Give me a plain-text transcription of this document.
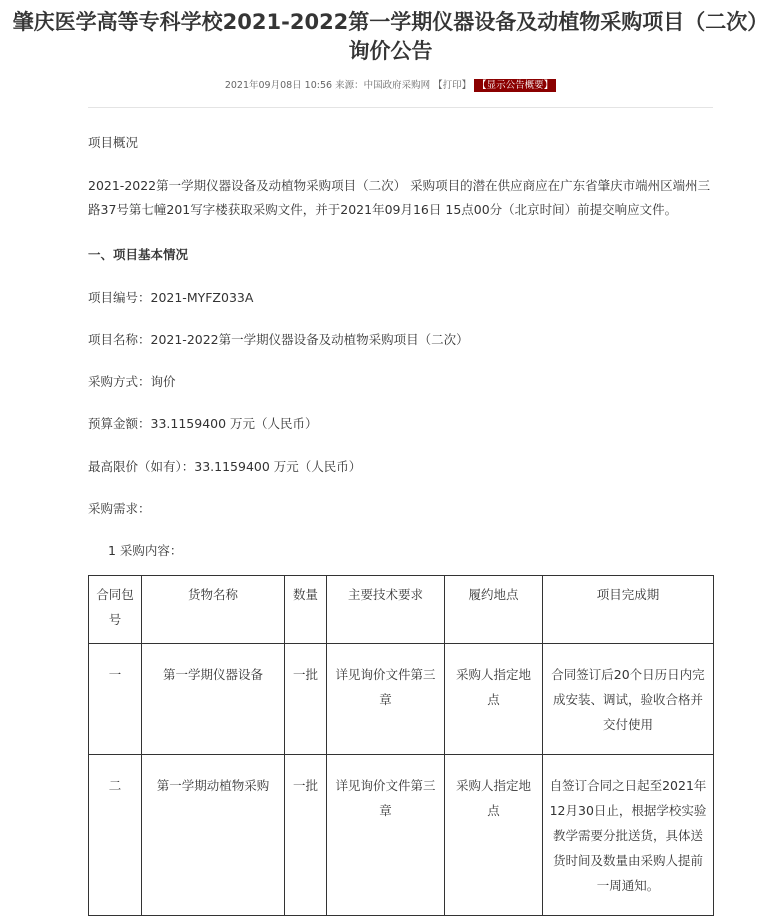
肇庆医学高等专科学校2021-2022第一学期仪器设备及动植物采购项目（二次）询价公告
2021年09月08日 10:56 来源：中国政府采购网 【打印】 【显示公告概要】
项目概况
2021-2022第一学期仪器设备及动植物采购项目（二次） 采购项目的潜在供应商应在广东省肇庆市端州区端州三路37号第七幢201写字楼获取采购文件，并于2021年09月16日 15点00分（北京时间）前提交响应文件。
一、项目基本情况
项目编号：2021-MYFZ033A
项目名称：2021-2022第一学期仪器设备及动植物采购项目（二次）
采购方式：询价
预算金额：33.1159400 万元（人民币）
最高限价（如有）：33.1159400 万元（人民币）
采购需求：
1 采购内容：
合同包号	货物名称	数量	主要技术要求	履约地点	项目完成期
一	第一学期仪器设备	一批	详见询价文件第三章	采购人指定地点	合同签订后20个日历日内完成安装、调试，验收合格并交付使用
二	第一学期动植物采购	一批	详见询价文件第三章	采购人指定地点	自签订合同之日起至2021年12月30日止，根据学校实验教学需要分批送货，具体送货时间及数量由采购人提前一周通知。
